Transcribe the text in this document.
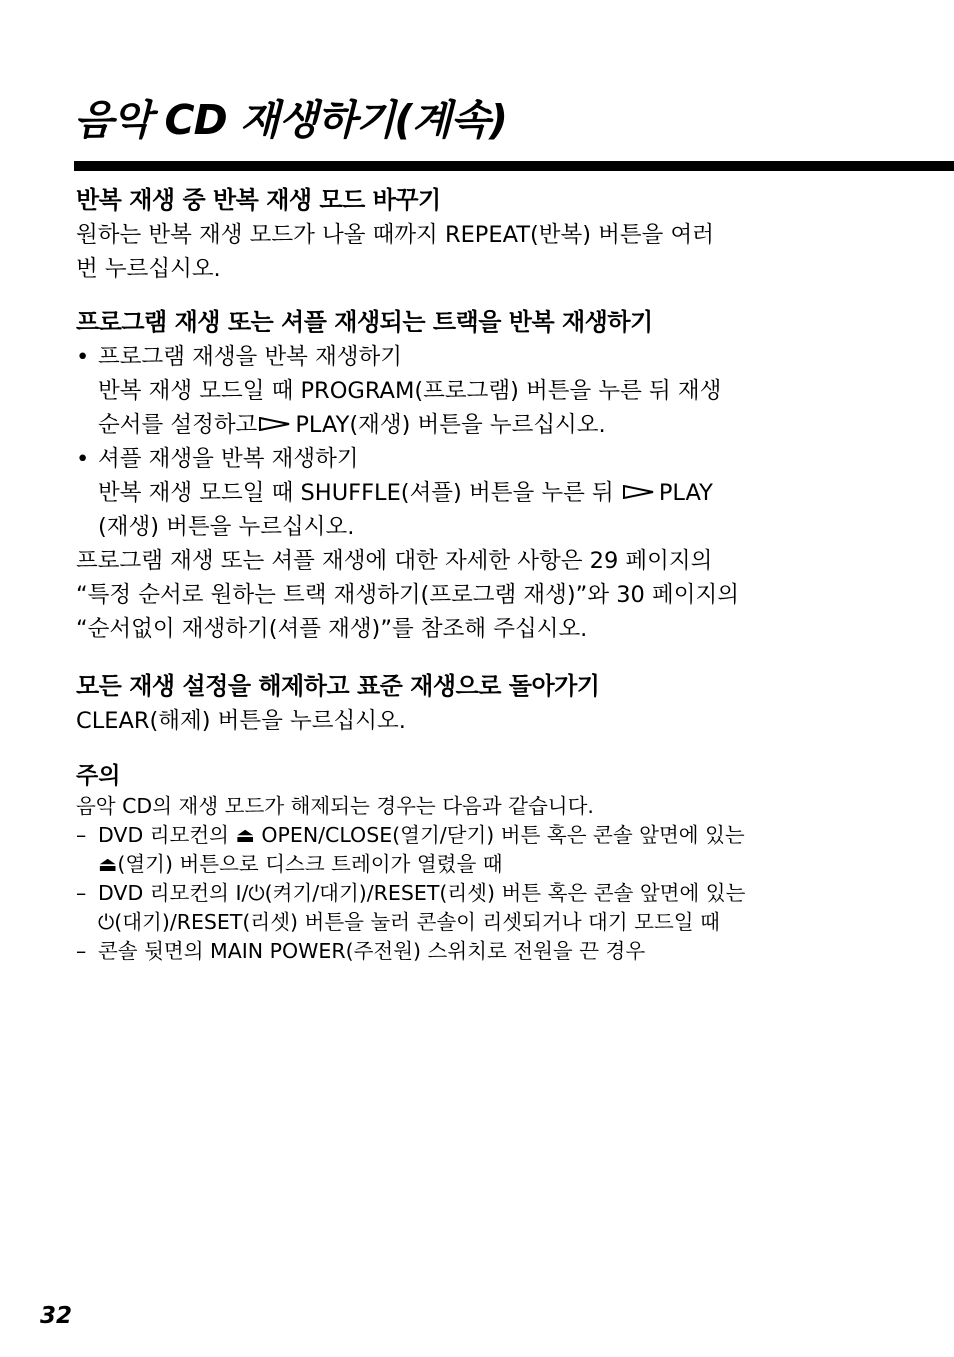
음악 CD 재생하기(계속)
반복 재생 중 반복 재생 모드 바꾸기

원하는 반복 재생 모드가 나올 때까지 REPEAT(반복) 버튼을 여러

번 누르십시오.

프로그램 재생 또는 셔플 재생되는 트랙을 반복 재생하기
• 프로그램 재생을 반복 재생하기

반복 재생 모드일 때 PROGRAM(프로그램) 버튼을 누른 뒤 재생

순서를 설정하고 PLAY(재생) 버튼을 누르십시오.

• 셔플 재생을 반복 재생하기

반복 재생 모드일 때 SHUFFLE(셔플) 버튼을 누른 뒤 PLAY

(재생) 버튼을 누르십시오.

프로그램 재생 또는 셔플 재생에 대한 자세한 사항은 29 페이지의

“특정 순서로 원하는 트랙 재생하기(프로그램 재생)”와 30 페이지의

“순서없이 재생하기(셔플 재생)”를 참조해 주십시오.

모든 재생 설정을 해제하고 표준 재생으로 돌아가기

CLEAR(해제) 버튼을 누르십시오.

주의

음악 CD의 재생 모드가 해제되는 경우는 다음과 같습니다.

– DVD 리모컨의 ⏏ OPEN/CLOSE(열기/닫기) 버튼 혹은 콘솔 앞면에 있는

⏏(열기) 버튼으로 디스크 트레이가 열렸을 때

– DVD 리모컨의 I/⏻(켜기/대기)/RESET(리셋) 버튼 혹은 콘솔 앞면에 있는

⏻(대기)/RESET(리셋) 버튼을 눌러 콘솔이 리셋되거나 대기 모드일 때

– 콘솔 뒷면의 MAIN POWER(주전원) 스위치로 전원을 끈 경우

32
